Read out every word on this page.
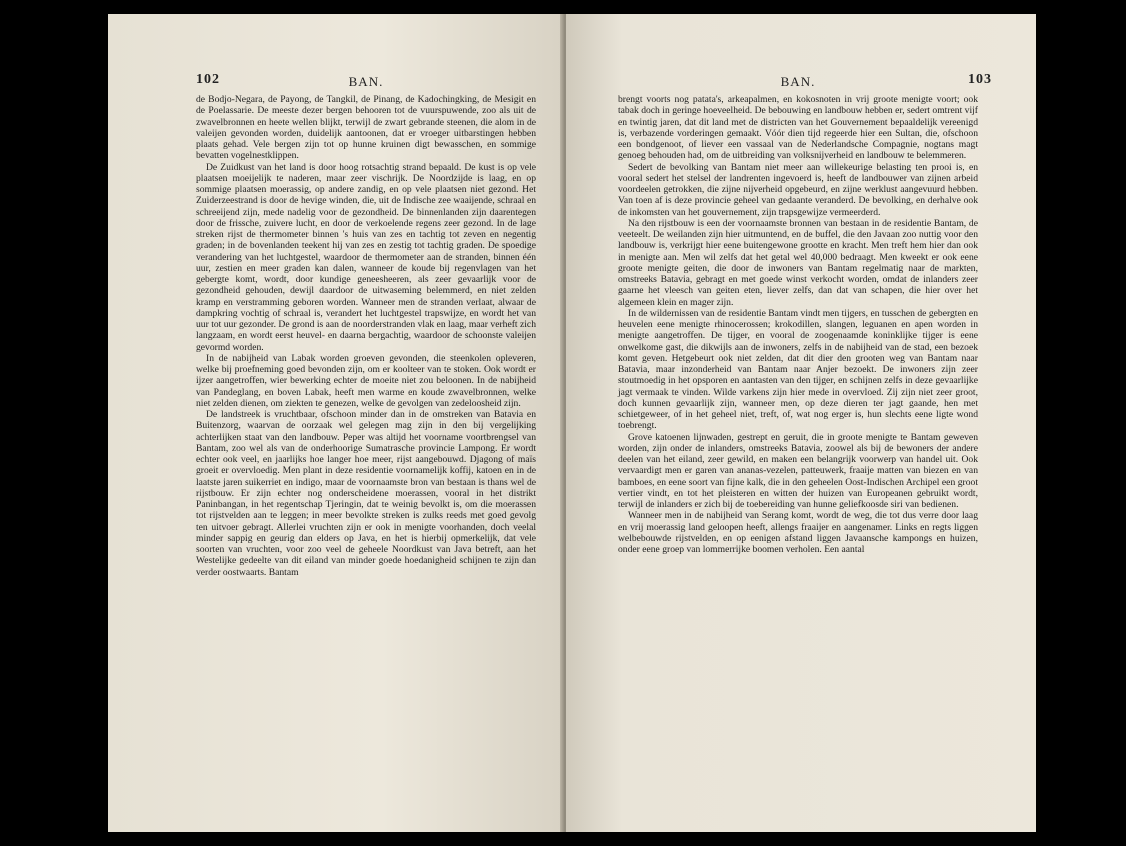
102	BAN.

de Bodjo-Negara, de Payong, de Tangkil, de Pinang, de Kadochingking, de Mesigit en de Poelassarie. De meeste dezer bergen behooren tot de vuurspuwende, zoo als uit de zwavelbronnen en heete wellen blijkt, terwijl de zwart gebrande steenen, die alom in de valeijen gevonden worden, duidelijk aantoonen, dat er vroeger uitbarstingen hebben plaats gehad. Vele bergen zijn tot op hunne kruinen digt bewasschen, en sommige bevatten vogelnestklippen.

De Zuidkust van het land is door hoog rotsachtig strand bepaald. De kust is op vele plaatsen moeijelijk te naderen, maar zeer vischrijk. De Noordzijde is laag, en op sommige plaatsen moerassig, op andere zandig, en op vele plaatsen niet gezond. Het Zuiderzeestrand is door de hevige winden, die, uit de Indische zee waaijende, schraal en schreeijend zijn, mede nadelig voor de gezondheid. De binnenlanden zijn daarentegen door de frissche, zuivere lucht, en door de verkoelende regens zeer gezond. In de lage streken rijst de thermometer binnen 's huis van zes en tachtig tot zeven en negentig graden; in de bovenlanden teekent hij van zes en zestig tot tachtig graden. De spoedige verandering van het luchtgestel, waardoor de thermometer aan de stranden, binnen één uur, zestien en meer graden kan dalen, wanneer de koude bij regenvlagen van het gebergte komt, wordt, door kundige geneesheeren, als zeer gevaarlijk voor de gezondheid gehouden, dewijl daardoor de uitwaseming belemmerd, en niet zelden kramp en verstramming geboren worden. Wanneer men de stranden verlaat, alwaar de dampkring vochtig of schraal is, verandert het luchtgestel trapswijze, en wordt het van uur tot uur gezonder. De grond is aan de noorderstranden vlak en laag, maar verheft zich langzaam, en wordt eerst heuvel- en daarna bergachtig, waardoor de schoonste valeijen gevormd worden.

In de nabijheid van Labak worden groeven gevonden, die steenkolen opleveren, welke bij proefneming goed bevonden zijn, om er koolteer van te stoken. Ook wordt er ijzer aangetroffen, wier bewerking echter de moeite niet zou beloonen. In de nabijheid van Pandeglang, en boven Labak, heeft men warme en koude zwavelbronnen, welke niet zelden dienen, om ziekten te genezen, welke de gevolgen van zedeloosheid zijn.

De landstreek is vruchtbaar, ofschoon minder dan in de omstreken van Batavia en Buitenzorg, waarvan de oorzaak wel gelegen mag zijn in den bij vergelijking achterlijken staat van den landbouw. Peper was altijd het voorname voortbrengsel van Bantam, zoo wel als van de onderhoorige Sumatrasche provincie Lampong. Er wordt echter ook veel, en jaarlijks hoe langer hoe meer, rijst aangebouwd. Djagong of maïs groeit er overvloedig. Men plant in deze residentie voornamelijk koffij, katoen en in de laatste jaren suikerriet en indigo, maar de voornaamste bron van bestaan is thans wel de rijstbouw. Er zijn echter nog onderscheidene moerassen, vooral in het distrikt Paninbangan, in het regentschap Tjeringin, dat te weinig bevolkt is, om die moerassen tot rijstvelden aan te leggen; in meer bevolkte streken is zulks reeds met goed gevolg ten uitvoer gebragt. Allerlei vruchten zijn er ook in menigte voorhanden, doch veelal minder sappig en geurig dan elders op Java, en het is hierbij opmerkelijk, dat vele soorten van vruchten, voor zoo veel de geheele Noordkust van Java betreft, aan het Westelijke gedeelte van dit eiland van minder goede hoedanigheid schijnen te zijn dan verder oostwaarts. Bantam

BAN.	103

brengt voorts nog patata's, arkeapalmen, en kokosnoten in vrij groote menigte voort; ook tabak doch in geringe hoeveelheid. De bebouwing en landbouw hebben er, sedert omtrent vijf en twintig jaren, dat dit land met de districten van het Gouvernement bepaaldelijk vereenigd is, verbazende vorderingen gemaakt. Vóór dien tijd regeerde hier een Sultan, die, ofschoon een bondgenoot, of liever een vassaal van de Nederlandsche Compagnie, nogtans magt genoeg behouden had, om de uitbreiding van volksnijverheid en landbouw te belemmeren.

Sedert de bevolking van Bantam niet meer aan willekeurige belasting ten prooi is, en vooral sedert het stelsel der landrenten ingevoerd is, heeft de landbouwer van zijnen arbeid voordeelen getrokken, die zijne nijverheid opgebeurd, en zijne werklust aangevuurd hebben. Van toen af is deze provincie geheel van gedaante veranderd. De bevolking, en derhalve ook de inkomsten van het gouvernement, zijn trapsgewijze vermeerderd.

Na den rijstbouw is een der voornaamste bronnen van bestaan in de residentie Bantam, de veeteelt. De weilanden zijn hier uitmuntend, en de buffel, die den Javaan zoo nuttig voor den landbouw is, verkrijgt hier eene buitengewone grootte en kracht. Men treft hem hier dan ook in menigte aan. Men wil zelfs dat het getal wel 40,000 bedraagt. Men kweekt er ook eene groote menigte geiten, die door de inwoners van Bantam regelmatig naar de markten, omstreeks Batavia, gebragt en met goede winst verkocht worden, omdat de inlanders zeer gaarne het vleesch van geiten eten, liever zelfs, dan dat van schapen, die hier over het algemeen klein en mager zijn.

In de wildernissen van de residentie Bantam vindt men tijgers, en tusschen de gebergten en heuvelen eene menigte rhinocerossen; krokodillen, slangen, leguanen en apen worden in menigte aangetroffen. De tijger, en vooral de zoogenaamde koninklijke tijger is eene onwelkome gast, die dikwijls aan de inwoners, zelfs in de nabijheid van de stad, een bezoek komt geven. Hetgebeurt ook niet zelden, dat dit dier den grooten weg van Bantam naar Batavia, maar inzonderheid van Bantam naar Anjer bezoekt. De inwoners zijn zeer stoutmoedig in het opsporen en aantasten van den tijger, en schijnen zelfs in deze gevaarlijke jagt vermaak te vinden. Wilde varkens zijn hier mede in overvloed. Zij zijn niet zeer groot, doch kunnen gevaarlijk zijn, wanneer men, op deze dieren ter jagt gaande, hen met schietgeweer, of in het geheel niet, treft, of, wat nog erger is, hun slechts eene ligte wond toebrengt.

Grove katoenen lijnwaden, gestrept en geruit, die in groote menigte te Bantam geweven worden, zijn onder de inlanders, omstreeks Batavia, zoowel als bij de bewoners der andere deelen van het eiland, zeer gewild, en maken een belangrijk voorwerp van handel uit. Ook vervaardigt men er garen van ananas-vezelen, patteuwerk, fraaije matten van biezen en van bamboes, en eene soort van fijne kalk, die in den geheelen Oost-Indischen Archipel een groot vertier vindt, en tot het pleisteren en witten der huizen van Europeanen gebruikt wordt, terwijl de inlanders er zich bij de toebereiding van hunne geliefkoosde siri van bedienen.

Wanneer men in de nabijheid van Serang komt, wordt de weg, die tot dus verre door laag en vrij moerassig land geloopen heeft, allengs fraaijer en aangenamer. Links en regts liggen welbebouwde rijstvelden, en op eenigen afstand liggen Javaansche kampongs en huizen, onder eene groep van lommerrijke boomen verholen. Een aantal
